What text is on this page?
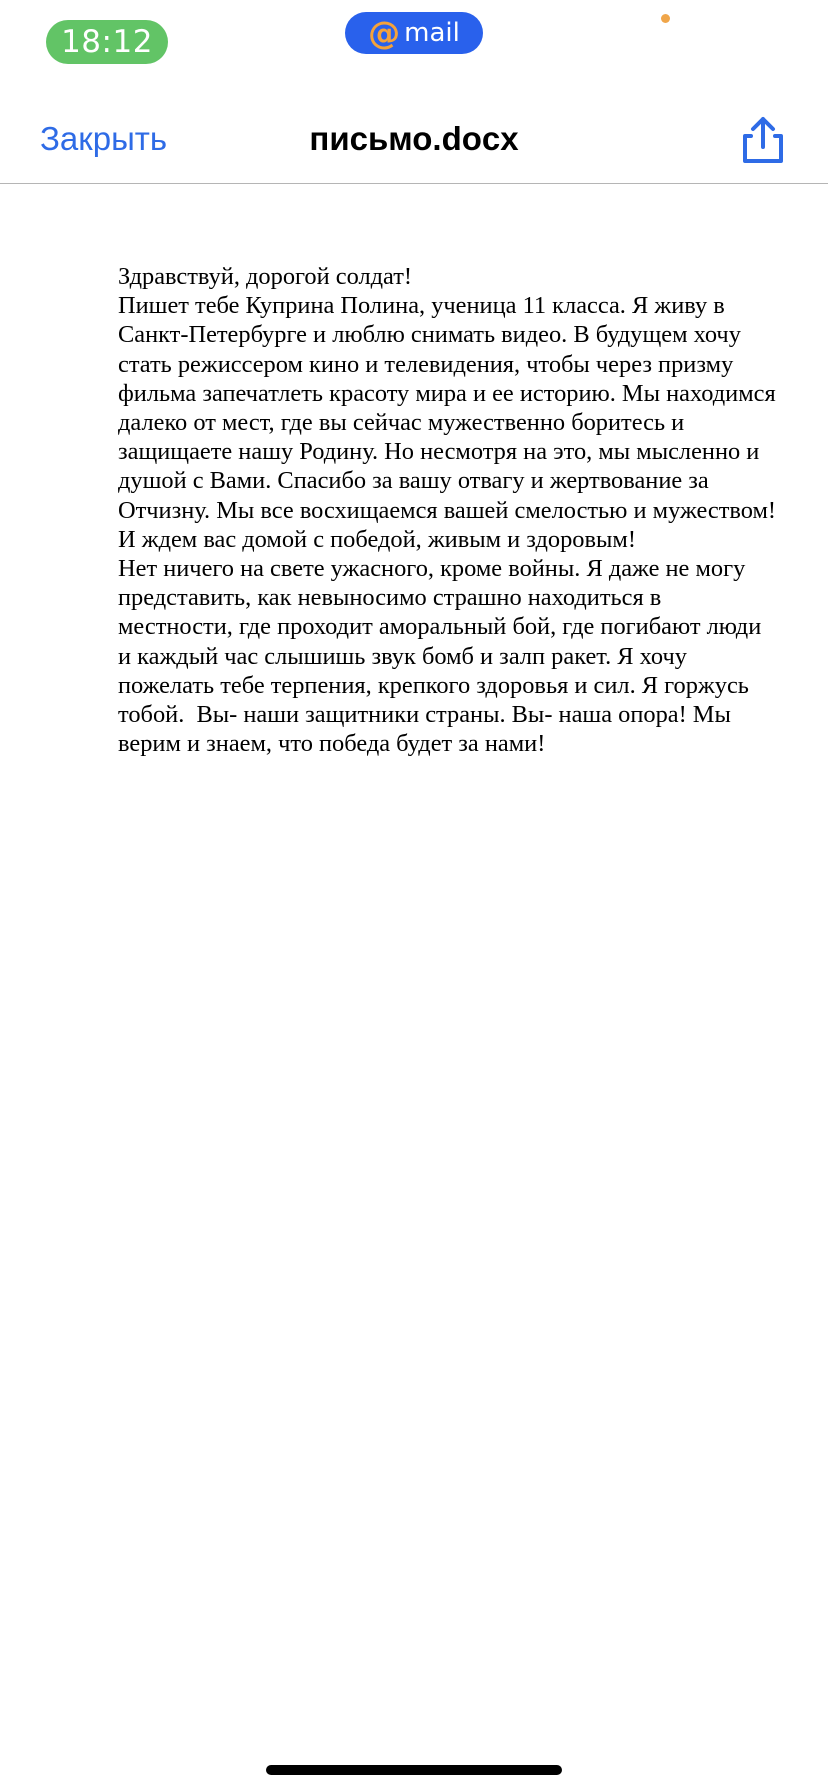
18:12	@ mail
Закрыть	письмо.docx

Здравствуй, дорогой солдат!

Пишет тебе Куприна Полина, ученица 11 класса. Я живу в Санкт-Петербурге и люблю снимать видео. В будущем хочу стать режиссером кино и телевидения, чтобы через призму фильма запечатлеть красоту мира и ее историю. Мы находимся далеко от мест, где вы сейчас мужественно боритесь и защищаете нашу Родину. Но несмотря на это, мы мысленно и душой с Вами. Спасибо за вашу отвагу и жертвование за Отчизну. Мы все восхищаемся вашей смелостью и мужеством! И ждем вас домой с победой, живым и здоровым!

Нет ничего на свете ужасного, кроме войны. Я даже не могу представить, как невыносимо страшно находиться в местности, где проходит аморальный бой, где погибают люди и каждый час слышишь звук бомб и залп ракет. Я хочу пожелать тебе терпения, крепкого здоровья и сил. Я горжусь тобой.  Вы- наши защитники страны. Вы- наша опора! Мы верим и знаем, что победа будет за нами!
